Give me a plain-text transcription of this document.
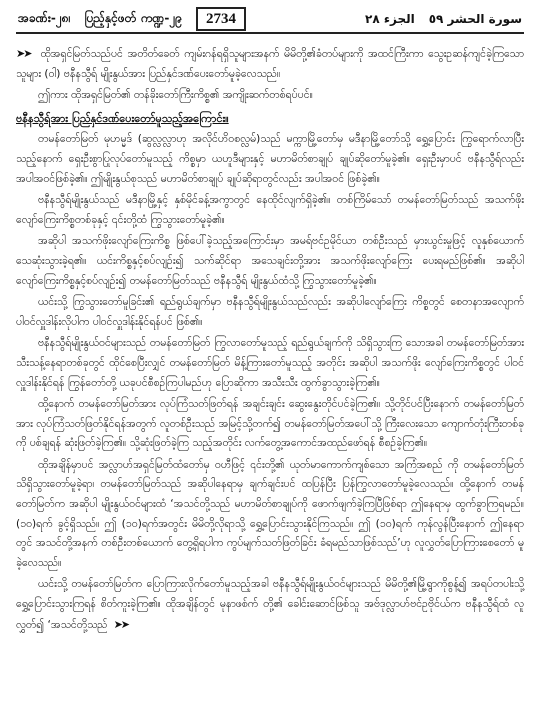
အခဏ်း-၂၈၊ ပြည့်နှင့်ဖတ် ကဏ္ဍ-၂၉	2734	الجزء ٢٨ سورة الحشر ٥٩

➤➤ ထိုအရှင်မြတ်သည်ပင် အတိတ်ခေတ် ကျမ်းဂန်ရရှိသူများအနက် မိမိတို့၏ခံတပ်များကို အထင်ကြီးကာ သွေးဥဆန်ကျင်ခဲ့ကြသောသူများ (ဝါ) ဗနီနသွီရ် မျိုးနွယ်အား ပြည်နှင်ဒဏ်ပေးတော်မူခဲ့လေသည်။

ဤကား ထိုအရှင်မြတ်၏ တန်ခိုးတော်ကြီးကိစ္စ၏ အကျိုးဆက်တစ်ရပ်ပင်။

ဗနီနသွီရ်အား ပြည်နှင်ဒဏ်ပေးတော်မူသည့်အကြောင်း။

တမန်တော်မြတ် မုဟမ္မဒ် (ဆွလ္လလ္လာဟု အလိုင်ဟိဝစလ္လမ်)သည် မက္ကာမြို့တော်မှ မဒီနာမြို့တော်သို့ ရွှေ့ပြောင်း ကြွရောက်လာပြီးသည့်နောက် ရှေးဦးစွာပြုလုပ်တော်မူသည့် ကိစ္စမှာ ယဟူဒီများနှင့် မဟာမိတ်စာချုပ် ချုပ်ဆိုတော်မူခဲ့၏။ ရှေးဦးမှာပင် ဗနီနသွီရ်လည်း အပါအဝင်ဖြစ်ခဲ့၏။ ဤမျိုးနွယ်စုသည် မဟာမိတ်စာချုပ် ချုပ်ဆိုရာတွင်လည်း အပါအဝင် ဖြစ်ခဲ့၏။

ဗနီနသွီရ်မျိုးနွယ်သည် မဒီနာမြို့နှင့် နှစ်မိုင်ခန့်အကွာတွင် နေထိုင်လျက်ရှိခဲ့၏။ တစ်ကြိမ်သော် တမန်တော်မြတ်သည် အသက်ဖိုး လျော်ကြေးကိစ္စတစ်ခုနှင့် ၎င်းတို့ထံ ကြွသွားတော်မူခဲ့၏။

အဆိုပါ အသက်ဖိုးလျော်ကြေးကိစ္စ ဖြစ်ပေါ်ခဲ့သည့်အကြောင်းမှာ အမရ်ဗင်ဥမိုင်ယာ တစ်ဦးသည် မှားယွင်းမှုဖြင့် လူနှစ်ယောက် သေဆုံးသွားခဲ့ရ၏။ ယင်းကိစ္စနှင့်စပ်လျဉ်း၍ သက်ဆိုင်ရာ အသေချင်းတို့အား အသက်ဖိုးလျော်ကြေး ပေးရမည်ဖြစ်၏။ အဆိုပါလျော်ကြေးကိစ္စနှင့်စပ်လျဉ်း၍ တမန်တော်မြတ်သည် ဗနီနသွီရ် မျိုးနွယ်ထံသို့ ကြွသွားတော်မူခဲ့၏။

ယင်းသို့ ကြွသွားတော်မူခြင်း၏ ရည်ရွယ်ချက်မှာ ဗနီနသွီရ်မျိုးနွယ်သည်လည်း အဆိုပါလျော်ကြေး ကိစ္စတွင် စေတနာအလျောက် ပါဝင်လှူဒါန်းလိုပါက ပါဝင်လှူဒါန်းနိုင်ရန်ပင် ဖြစ်၏။

ဗနီနသွီရ်မျိုးနွယ်ဝင်များသည် တမန်တော်မြတ် ကြွလာတော်မူသည့် ရည်ရွယ်ချက်ကို သိရှိသွားကြ သောအခါ တမန်တော်မြတ်အား သီးသန့်နေရာတစ်ခုတွင် ထိုင်စေပြီးလျှင် တမန်တော်မြတ် မိန့်ကြားတော်မူသည့် အတိုင်း အဆိုပါ အသက်ဖိုး လျော်ကြေးကိစ္စတွင် ပါဝင်လှူဒါန်းနိုင်ရန် ကြွန်တော်တို့ ယခုပင်စီစဉ်ကြပါမည်ဟု ပြောဆိုကာ အသီးသီး ထွက်ခွာသွားခဲ့ကြ၏။

ထို့နောက် တမန်တော်မြတ်အား လုပ်ကြံသတ်ဖြတ်ရန် အချင်းချင်း ဆွေးနွေးတိုင်ပင်ခဲ့ကြ၏။ သို့တိုင်ပင်ပြီးနောက် တမန်တော်မြတ်အား လုပ်ကြံသတ်ဖြတ်နိုင်ရန်အတွက် လူတစ်ဦးသည် အမြင့်သို့တက်၍ တမန်တော်မြတ်အပေါ်သို့ ကြီးလေးသော ကျောက်တုံးကြီးတစ်ခုကို ပစ်ချရန် ဆုံးဖြတ်ခဲ့ကြ၏။ သို့ဆုံးဖြတ်ခဲ့ကြ သည့်အတိုင်း လက်တွေ့အကောင်အထည်ဖော်ရန် စီစဉ်ခဲ့ကြ၏။

ထိုအချိန်မှာပင် အလ္လာဟ်အရှင်မြတ်ထံတော်မှ ဝဟီဖြင့် ၎င်းတို့၏ ယုတ်မာကောက်ကျစ်သော အကြံအစည် ကို တမန်တော်မြတ် သိရှိသွားတော်မူခဲ့ရာ၊ တမန်တော်မြတ်သည် အဆိုပါနေရာမှ ချက်ချင်းပင် ထပြန်ပြီး ပြန်ကြွလာတော်မူခဲ့လေသည်။ ထို့နောက် တမန်တော်မြတ်က အဆိုပါ မျိုးနွယ်ဝင်များထံ ‘အသင်တို့သည် မဟာမိတ်စာချုပ်ကို ဖောက်ဖျက်ခဲ့ကြပြီဖြစ်ရာ ဤနေရာမှ ထွက်ခွာကြရမည်။ (၁၀)ရက် ခွင့်ရှိသည်။ ဤ (၁၀)ရက်အတွင်း မိမိတို့လိုရာသို့ ရွှေ့ပြောင်းသွားနိုင်ကြသည်။ ဤ (၁၀)ရက် ကုန်လွန်ပြီးနောက် ဤနေရာတွင် အသင်တို့အနက် တစ်ဦးတစ်ယောက် တွေ့ရှိရပါက ကွပ်မျက်သတ်ဖြတ်ခြင်း ခံရမည်သာဖြစ်သည်’ဟု လူလွှတ်ပြောကြားစေတော် မူခဲ့လေသည်။

ယင်းသို့ တမန်တော်မြတ်က ပြောကြားလိုက်တော်မူသည့်အခါ ဗနီနသွီရ်မျိုးနွယ်ဝင်များသည် မိမိတို့၏မြို့ရွာကိုစွန့်၍ အရပ်တပါးသို့ ရွှေ့ပြောင်းသွားကြရန် စိတ်ကူးခဲ့ကြ၏။ ထိုအချိန်တွင် မုနာဖစ်က် တို့၏ ခေါင်းဆောင်ဖြစ်သူ အဗ်ဒုလ္လာဟ်ဗင်ဥဗိုင်ယ်က ဗနီနသွီရ်ထံ လူလွှတ်၍ ‘အသင်တို့သည် ➤➤
